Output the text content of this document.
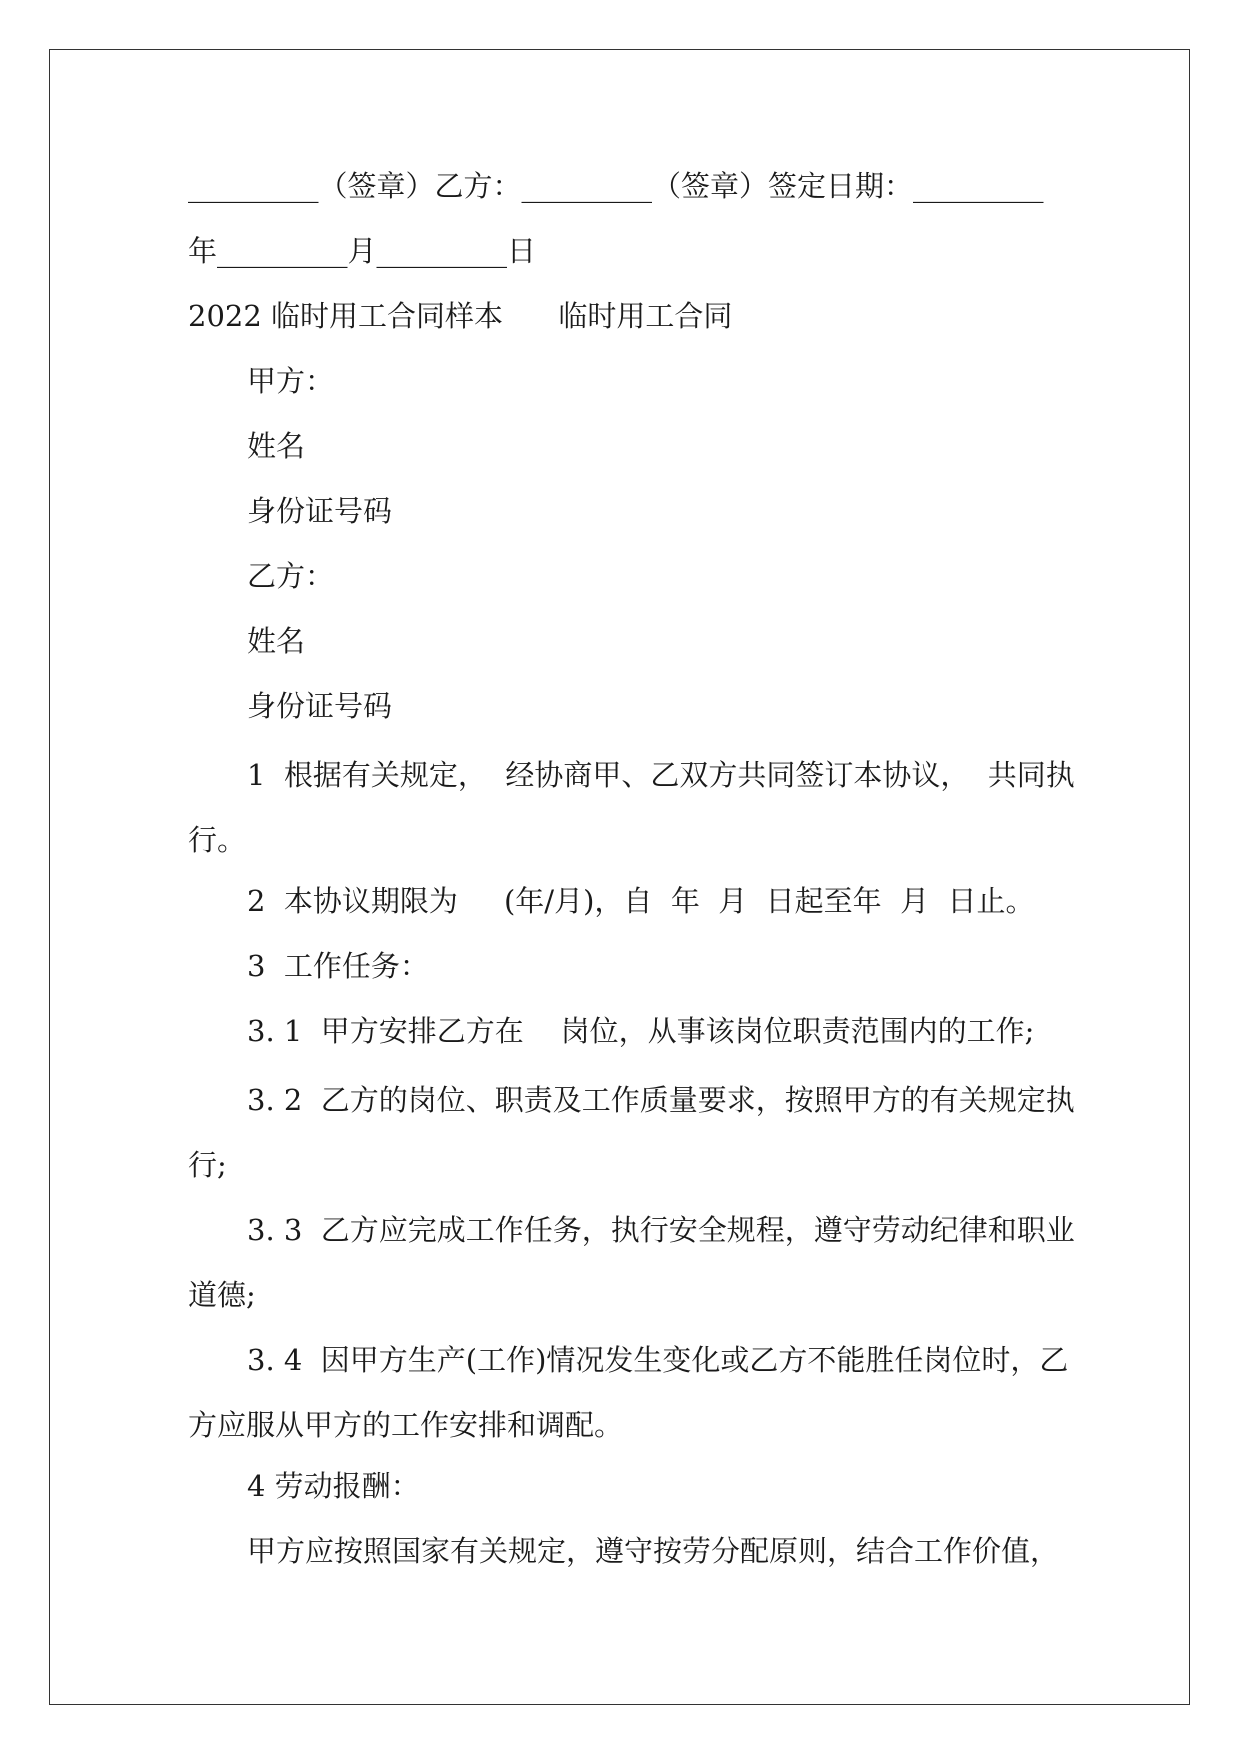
_________（签章）乙方：_________（签章）签定日期：_________
年_________月_________日
2022 临时用工合同样本      临时用工合同
甲方：
姓名
身份证号码
乙方：
姓名
身份证号码
1  根据有关规定，  经协商甲、乙双方共同签订本协议，  共同执
行。
2  本协议期限为     (年/月)，自  年  月  日起至年  月  日止。
3  工作任务：
3. 1  甲方安排乙方在    岗位，从事该岗位职责范围内的工作;
3. 2  乙方的岗位、职责及工作质量要求，按照甲方的有关规定执
行;
3. 3  乙方应完成工作任务，执行安全规程，遵守劳动纪律和职业
道德;
3. 4  因甲方生产(工作)情况发生变化或乙方不能胜任岗位时，乙
方应服从甲方的工作安排和调配。
4 劳动报酬：
甲方应按照国家有关规定，遵守按劳分配原则，结合工作价值，
